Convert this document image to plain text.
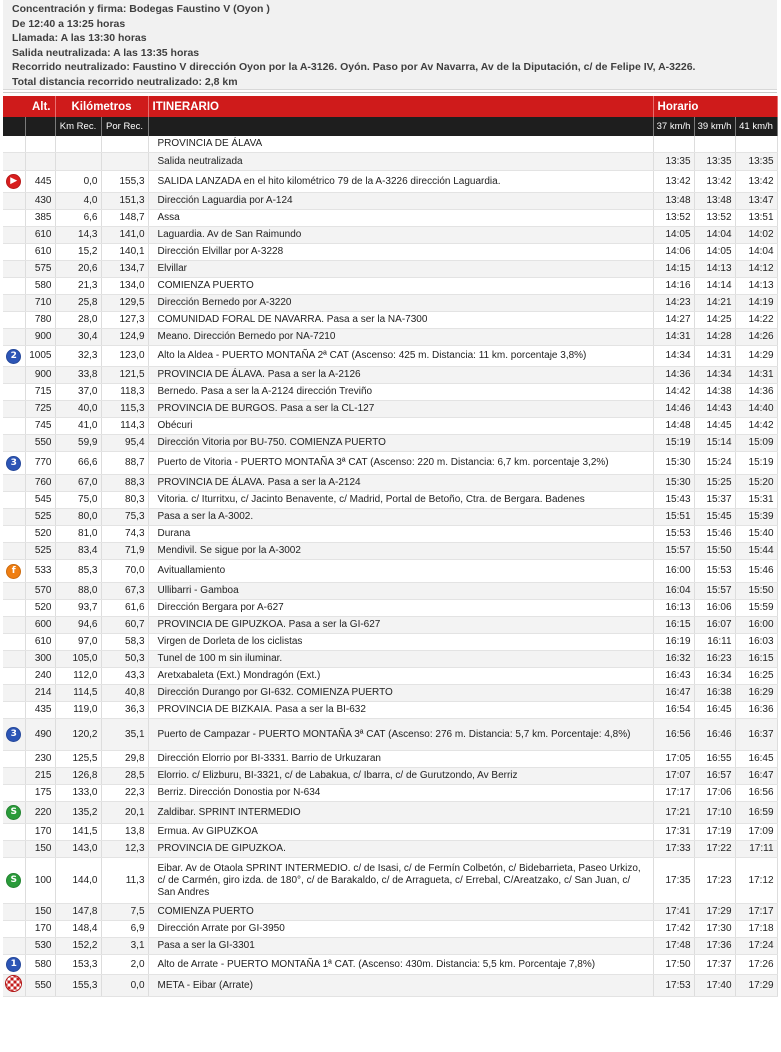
Concentración y firma: Bodegas Faustino V (Oyon )
De 12:40 a 13:25 horas
Llamada: A las 13:30 horas
Salida neutralizada: A las 13:35 horas
Recorrido neutralizado: Faustino V dirección Oyon por la A-3126. Oyón. Paso por Av Navarra, Av de la Diputación, c/ de Felipe IV, A-3226.
Total distancia recorrido neutralizado: 2,8 km
Alt.		Kilómetros		ITINERARIO	Horario		
		Km Rec.	Por Rec.		37 km/h	39 km/h	41 km/h
				PROVINCIA DE ÁLAVA			
				Salida neutralizada	13:35	13:35	13:35
▶	445	0,0	155,3	SALIDA LANZADA en el hito kilométrico 79 de la A-3226 dirección Laguardia.	13:42	13:42	13:42
	430	4,0	151,3	Dirección Laguardia por A-124	13:48	13:48	13:47
	385	6,6	148,7	Assa	13:52	13:52	13:51
	610	14,3	141,0	Laguardia. Av de San Raimundo	14:05	14:04	14:02
	610	15,2	140,1	Dirección Elvillar por A-3228	14:06	14:05	14:04
	575	20,6	134,7	Elvillar	14:15	14:13	14:12
	580	21,3	134,0	COMIENZA PUERTO	14:16	14:14	14:13
	710	25,8	129,5	Dirección Bernedo por A-3220	14:23	14:21	14:19
	780	28,0	127,3	COMUNIDAD FORAL DE NAVARRA. Pasa a ser la NA-7300	14:27	14:25	14:22
	900	30,4	124,9	Meano. Dirección Bernedo por NA-7210	14:31	14:28	14:26
2	1005	32,3	123,0	Alto la Aldea - PUERTO MONTAÑA 2ª CAT (Ascenso: 425 m. Distancia: 11 km. porcentaje 3,8%)	14:34	14:31	14:29
	900	33,8	121,5	PROVINCIA DE ÁLAVA. Pasa a ser la A-2126	14:36	14:34	14:31
	715	37,0	118,3	Bernedo. Pasa a ser la A-2124 dirección Treviño	14:42	14:38	14:36
	725	40,0	115,3	PROVINCIA DE BURGOS. Pasa a ser la CL-127	14:46	14:43	14:40
	745	41,0	114,3	Obécuri	14:48	14:45	14:42
	550	59,9	95,4	Dirección Vitoria por BU-750. COMIENZA PUERTO	15:19	15:14	15:09
3	770	66,6	88,7	Puerto de Vitoria - PUERTO MONTAÑA 3ª CAT (Ascenso: 220 m. Distancia: 6,7 km. porcentaje 3,2%)	15:30	15:24	15:19
	760	67,0	88,3	PROVINCIA DE ÁLAVA. Pasa a ser la A-2124	15:30	15:25	15:20
	545	75,0	80,3	Vitoria. c/ Iturritxu, c/ Jacinto Benavente, c/ Madrid, Portal de Betoño, Ctra. de Bergara. Badenes	15:43	15:37	15:31
	525	80,0	75,3	Pasa a ser la A-3002.	15:51	15:45	15:39
	520	81,0	74,3	Durana	15:53	15:46	15:40
	525	83,4	71,9	Mendivil. Se sigue por la A-3002	15:57	15:50	15:44
f	533	85,3	70,0	Avituallamiento	16:00	15:53	15:46
	570	88,0	67,3	Ullibarri - Gamboa	16:04	15:57	15:50
	520	93,7	61,6	Dirección Bergara por A-627	16:13	16:06	15:59
	600	94,6	60,7	PROVINCIA DE GIPUZKOA. Pasa a ser la GI-627	16:15	16:07	16:00
	610	97,0	58,3	Virgen de Dorleta de los ciclistas	16:19	16:11	16:03
	300	105,0	50,3	Tunel de 100 m sin iluminar.	16:32	16:23	16:15
	240	112,0	43,3	Aretxabaleta (Ext.) Mondragón (Ext.)	16:43	16:34	16:25
	214	114,5	40,8	Dirección Durango por GI-632. COMIENZA PUERTO	16:47	16:38	16:29
	435	119,0	36,3	PROVINCIA DE BIZKAIA. Pasa a ser la BI-632	16:54	16:45	16:36
3	490	120,2	35,1	Puerto de Campazar - PUERTO MONTAÑA 3ª CAT (Ascenso: 276 m. Distancia: 5,7 km. Porcentaje: 4,8%)	16:56	16:46	16:37
	230	125,5	29,8	Dirección Elorrio por BI-3331. Barrio de Urkuzaran	17:05	16:55	16:45
	215	126,8	28,5	Elorrio. c/ Elizburu, BI-3321, c/ de Labakua, c/ Ibarra, c/ de Gurutzondo, Av Berriz	17:07	16:57	16:47
	175	133,0	22,3	Berriz. Dirección Donostia por N-634	17:17	17:06	16:56
S	220	135,2	20,1	Zaldibar. SPRINT INTERMEDIO	17:21	17:10	16:59
	170	141,5	13,8	Ermua. Av GIPUZKOA	17:31	17:19	17:09
	150	143,0	12,3	PROVINCIA DE GIPUZKOA.	17:33	17:22	17:11
S	100	144,0	11,3	Eibar. Av de Otaola SPRINT INTERMEDIO. c/ de Isasi, c/ de Fermín Colbetón, c/ Bidebarrieta, Paseo Urkizo, c/ de Carmén, giro izda. de 180°, c/ de Barakaldo, c/ de Arragueta, c/ Errebal, C/Areatzako, c/ San Juan, c/ San Andres	17:35	17:23	17:12
	150	147,8	7,5	COMIENZA PUERTO	17:41	17:29	17:17
	170	148,4	6,9	Dirección Arrate por GI-3950	17:42	17:30	17:18
	530	152,2	3,1	Pasa a ser la GI-3301	17:48	17:36	17:24
1	580	153,3	2,0	Alto de Arrate - PUERTO MONTAÑA 1ª CAT. (Ascenso: 430m. Distancia: 5,5 km. Porcentaje 7,8%)	17:50	17:37	17:26
	550	155,3	0,0	META - Eibar (Arrate)	17:53	17:40	17:29
